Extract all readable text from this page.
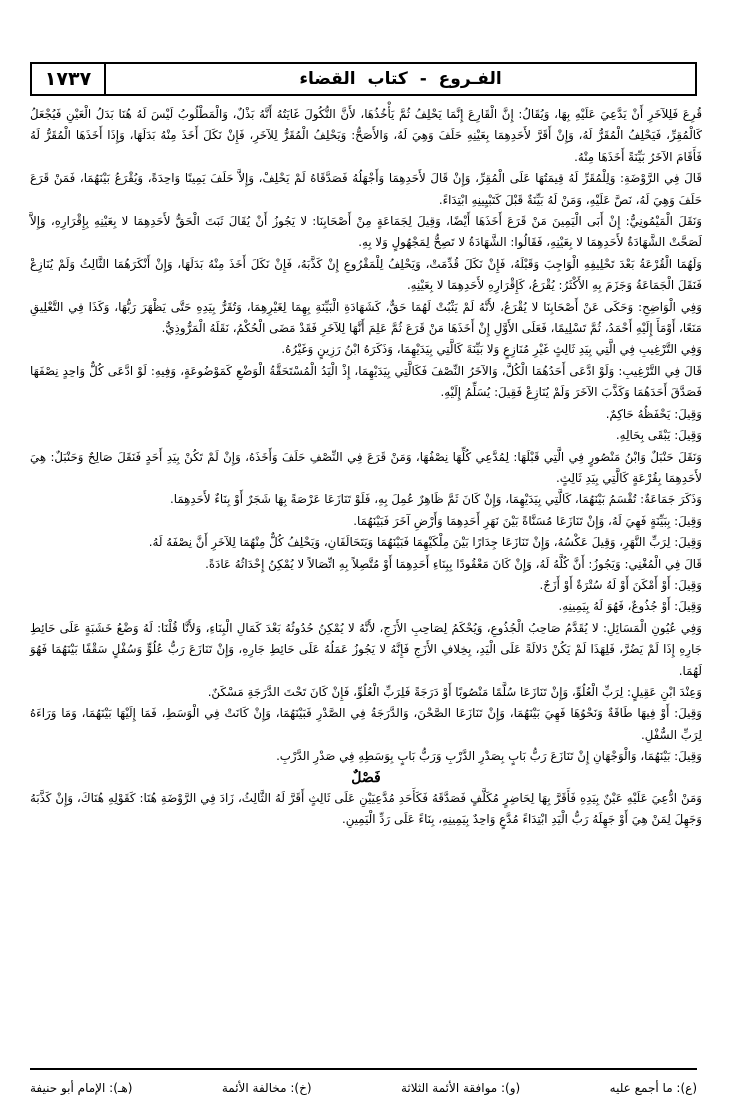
١٧٣٧	الفـروع - كتاب القضاء

قُرِعَ فَلِلآخَرِ أَنْ يَدَّعِيَ عَلَيْهِ بِهَا، وَيُقَالُ: إِنَّ الْقَارِعَ إِنَّمَا يَحْلِفُ ثُمَّ يَأْخُذُهَا، لأَنَّ النُّكُولَ غَايَتُهُ أَنَّهُ بَذْلٌ، وَالْمَطْلُوبُ لَيْسَ لَهُ هُنَا بَدَلُ الْعَيْنِ فَيُجْعَلُ كَالْمُقِرِّ، فَيَحْلِفُ الْمُقَرُّ لَهُ، وَإِنْ أَقَرَّ لأَحَدِهِمَا بِعَيْنِهِ حَلَفَ وَهِيَ لَهُ، وَالأَصَحُّ: وَيَحْلِفُ الْمُقَرُّ لِلآخَرِ، فَإِنْ نَكَلَ أَخَذَ مِنْهُ بَدَلَهَا، وَإِذَا أَخَذَهَا الْمُقَرُّ لَهُ فَأَقَامَ الآخَرُ بَيِّنَةً أَخَذَهَا مِنْهُ.

قَالَ فِي الرَّوْضَةِ: وَلِلْمُقَرِّ لَهُ قِيمَتُهَا عَلَى الْمُقِرِّ، وَإِنْ قَالَ لأَحَدِهِمَا وَأَجْهَلُهُ فَصَدَّقَاهُ لَمْ يَحْلِفْ، وَإِلاَّ حَلَفَ يَمِينًا وَاحِدَةً، وَيُقْرَعُ بَيْنَهُمَا، فَمَنْ قَرَعَ حَلَفَ وَهِيَ لَهُ، نَصَّ عَلَيْهِ، وَمَنْ لَهُ بَيِّنَةٌ قَبْلَ كَتَبْيِينِهِ ابْتِدَاءً.

وَنَقَلَ الْمَيْمُونِيُّ: إِنْ أَبَى الْيَمِينَ مَنْ قَرَعَ أَخَذَهَا أَيْضًا، وَقِيلَ لِجَمَاعَةٍ مِنْ أَصْحَابِنَا: لا يَجُوزُ أَنْ يُقَالَ ثَبَتَ الْحَقُّ لأَحَدِهِمَا لا بِعَيْنِهِ بِإِقْرَارِهِ، وَإِلاَّ لَصَحَّتْ الشَّهَادَةُ لأَحَدِهِمَا لا بِعَيْنِهِ، فَقَالُوا: الشَّهَادَةُ لا تَصِحُّ لِمَجْهُولٍ وَلا بِهِ.

وَلَهُمَا الْقُرْعَةُ بَعْدَ تَحْلِيفِهِ الْوَاجِبَ وَقَبْلَهُ، فَإِنْ نَكَلَ قُدِّمَتْ، وَيَحْلِفُ لِلْمَقْرُوعِ إِنْ كَذَّبَهُ، فَإِنْ نَكَلَ أَخَذَ مِنْهُ بَدَلَهَا، وَإِنْ أَنْكَرَهُمَا الثَّالِثُ وَلَمْ يُنَازِعْ فَنَقَلَ الْجَمَاعَةُ وَجَزَمَ بِهِ الأَكْثَرُ: يُقْرَعُ، كَإِقْرَارِهِ لأَحَدِهِمَا لا بِعَيْنِهِ.

وَفِي الْوَاضِحِ: وَحَكَى عَنْ أَصْحَابِنَا لا يُقْرَعُ، لأَنَّهُ لَمْ يَثْبُتْ لَهُمَا حَقٌّ، كَشَهَادَةِ الْبَيِّنَةِ بِهِمَا لِغَيْرِهِمَا، وَتُقَرُّ بِيَدِهِ حَتَّى يَظْهَرَ رَبُّهَا، وَكَذَا فِي التَّعْلِيقِ مَنَعًا، أَوْمَأَ إِلَيْهِ أَحْمَدُ، ثُمَّ تَسْلِيمًا، فَعَلَى الأَوَّلِ إِنْ أَخَذَهَا مَنْ قَرَعَ ثُمَّ عَلِمَ أَنَّهَا لِلآخَرِ فَقَدْ مَضَى الْحُكْمُ، نَقَلَهُ الْمَرُّوذِيُّ.

وَفِي التَّرْغِيبِ فِي الَّتِي بِيَدِ ثَالِثٍ غَيْرِ مُنَازِعٍ وَلا بَيِّنَةَ كَالَّتِي بِيَدَيْهِمَا، وَذَكَرَهُ ابْنُ رَزِينٍ وَغَيْرُهُ.

قَالَ فِي التَّرْغِيبِ: وَلَوْ ادَّعَى أَحَدُهُمَا الْكُلَّ، وَالآخَرُ النِّصْفَ فَكَالَّتِي بِيَدَيْهِمَا، إِذْ الْيَدُ الْمُسْتَحَقَّةُ الْوَضْعِ كَمَوْضُوعَةٍ، وَفِيهِ: لَوْ ادَّعَى كُلٌّ وَاحِدٍ نِصْفَهَا فَصَدَّقَ أَحَدَهُمَا وَكَذَّبَ الآخَرَ وَلَمْ يُنَازِعْ فَقِيلَ: يُسَلِّمُ إِلَيْهِ.

وَقِيلَ: يَحْفَظُهُ حَاكِمٌ.

وَقِيلَ: يَبْقَى بِحَالِهِ.

وَنَقَلَ حَنْبَلٌ وَابْنُ مَنْصُورٍ فِي الَّتِي قَبْلَهَا: لِمُدَّعِي كُلِّهَا نِصْفُهَا، وَمَنْ قَرَعَ فِي النِّصْفِ حَلَفَ وَأَخَذَهُ، وَإِنْ لَمْ تَكُنْ بِيَدِ أَحَدٍ فَنَقَلَ صَالِحٌ وَحَنْبَلٌ: هِيَ لأَحَدِهِمَا بِقُرْعَةٍ كَالَّتِي بِيَدِ ثَالِثٍ.

وَذَكَرَ جَمَاعَةٌ: تُقْسَمُ بَيْنَهُمَا، كَالَّتِي بِيَدَيْهِمَا، وَإِنْ كَانَ ثَمَّ ظَاهِرٌ عُمِلَ بِهِ، فَلَوْ تَنَازَعَا عَرْصَةً بِهَا شَجَرٌ أَوْ بِنَاءٌ لأَحَدِهِمَا.

وَقِيلَ: بِبَيِّنَةٍ فَهِيَ لَهُ، وَإِنْ تَنَازَعَا مُسَنَّاةً بَيْنَ نَهَرِ أَحَدِهِمَا وَأَرْضِ آخَرَ فَبَيْنَهُمَا.

وَقِيلَ: لِرَبِّ النَّهَرِ، وَقِيلَ عَكْسُهُ، وَإِنْ تَنَازَعَا جِدَارًا بَيْنَ مِلْكَيْهِمَا فَبَيْنَهُمَا وَيَتَحَالَفَانِ، وَيَحْلِفُ كُلٌّ مِنْهُمَا لِلآخَرِ أَنَّ نِصْفَهُ لَهُ.

قَالَ فِي الْمُغْنِي: وَيَجُوزُ: أَنَّ كُلَّهُ لَهُ، وَإِنْ كَانَ مَعْقُودًا بِبِنَاءِ أَحَدِهِمَا أَوْ مُتَّصِلاً بِهِ اتِّصَالاً لا يُمْكِنُ إِحْدَاثُهُ عَادَةً.

وَقِيلَ: أَوْ أَمْكَنَ أَوْ لَهُ سُتْرَةٌ أَوْ أَزَجٌ.

وَقِيلَ: أَوْ جُذُوعٌ، فَهُوَ لَهُ بِيَمِينِهِ.

وَفِي عُيُونِ الْمَسَائِلِ: لا يُقَدَّمُ صَاحِبُ الْجُذُوعِ، وَيُحْكَمُ لِصَاحِبِ الأَزَجِ، لأَنَّهُ لا يُمْكِنُ حُدُوثُهُ بَعْدَ كَمَالِ الْبِنَاءِ، وَلأَنَّا قُلْنَا: لَهُ وَضْعُ خَشَبَةٍ عَلَى حَائِطِ جَارِهِ إِذَا لَمْ يَضُرَّ، فَلِهَذَا لَمْ يَكُنْ دَلالَةً عَلَى الْيَدِ، بِخِلافِ الأَزَجِ فَإِنَّهُ لا يَجُوزُ عَمَلُهُ عَلَى حَائِطِ جَارِهِ، وَإِنْ تَنَازَعَ رَبُّ عُلُوٍّ وَسُفْلٍ سَقْفًا بَيْنَهُمَا فَهُوَ لَهُمَا.

وَعِنْدَ ابْنِ عَقِيلٍ: لِرَبِّ الْعُلُوِّ، وَإِنْ تَنَازَعَا سُلَّمًا مَنْصُوبًا أَوْ دَرَجَةً فَلِرَبِّ الْعُلُوِّ، فَإِنْ كَانَ تَحْتَ الدَّرَجَةِ مَسْكَنٌ.

وَقِيلَ: أَوْ فِيهَا طَاقَةٌ وَنَحْوُهَا فَهِيَ بَيْنَهُمَا، وَإِنْ تَنَازَعَا الصَّحْنَ، وَالدَّرَجَةُ فِي الصَّدْرِ فَبَيْنَهُمَا، وَإِنْ كَانَتْ فِي الْوَسَطِ، فَمَا إِلَيْهَا بَيْنَهُمَا، وَمَا وَرَاءَهُ لِرَبِّ السُّفْلِ.

وَقِيلَ: بَيْنَهُمَا، وَالْوَجْهَانِ إِنْ تَنَازَعَ رَبُّ بَابٍ بِصَدْرِ الدَّرْبِ وَرَبُّ بَابٍ بِوَسَطِهِ فِي صَدْرِ الدَّرْبِ.

فَصْلٌ

وَمَنْ ادُّعِيَ عَلَيْهِ عَيْنٌ بِيَدِهِ فَأَقَرَّ بِهَا لِحَاضِرٍ مُكَلَّفٍ فَصَدَّقَهُ فَكَأَحَدِ مُدَّعِيَيْنِ عَلَى ثَالِثٍ أَقَرَّ لَهُ الثَّالِثُ، زَادَ فِي الرَّوْضَةِ هُنَا: كَقَوْلِهِ هُنَاكَ، وَإِنْ كَذَّبَهُ وَجَهِلَ لِمَنْ هِيَ أَوْ جَهِلَهُ رَبُّ الْيَدِ ابْتِدَاءً مُدَّعٍ وَاحِدٌ بِيَمِينِهِ، بِنَاءً عَلَى رَدِّ الْيَمِينِ.

(ع): ما أجمع عليه
(و): موافقة الأئمة الثلاثة
(خ): مخالفة الأئمة
(هـ): الإمام أبو حنيفة
